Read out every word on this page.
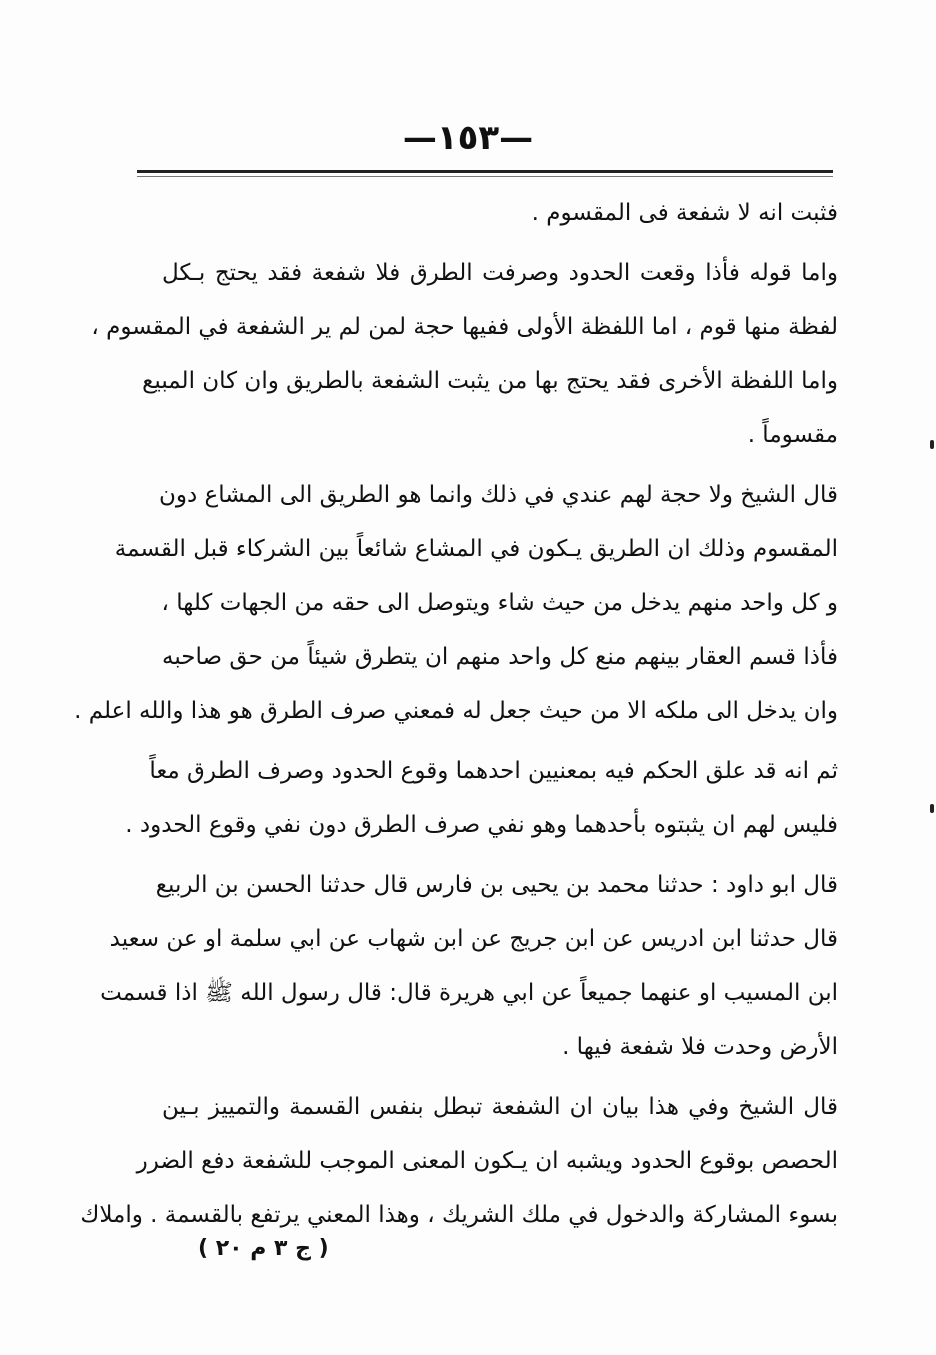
—١٥٣—

فثبت انه لا شفعة فى المقسوم .

واما قوله فأذا وقعت الحدود وصرفت الطرق فلا شفعة فقد يحتج بـكل
لفظة منها قوم ، اما اللفظة الأولى ففيها حجة لمن لم ير الشفعة في المقسوم ،
واما اللفظة الأخرى فقد يحتج بها من يثبت الشفعة بالطريق وان كان المبيع
مقسوماً .

قال الشيخ ولا حجة لهم عندي في ذلك وانما هو الطريق الى المشاع دون
المقسوم وذلك ان الطريق يـكون في المشاع شائعاً بين الشركاء قبل القسمة
و كل واحد منهم يدخل من حيث شاء ويتوصل الى حقه من الجهات كلها ،
فأذا قسم العقار بينهم منع كل واحد منهم ان يتطرق شيئاً من حق صاحبه
وان يدخل الى ملكه الا من حيث جعل له فمعني صرف الطرق هو هذا والله اعلم .

ثم انه قد علق الحكم فيه بمعنيين احدهما وقوع الحدود وصرف الطرق معاً
فليس لهم ان يثبتوه بأحدهما وهو نفي صرف الطرق دون نفي وقوع الحدود .

قال ابو داود : حدثنا محمد بن يحيى بن فارس قال حدثنا الحسن بن الربيع
قال حدثنا ابن ادريس عن ابن جريج عن ابن شهاب عن ابي سلمة او عن سعيد
ابن المسيب او عنهما جميعاً عن ابي هريرة قال: قال رسول الله ﷺ اذا قسمت
الأرض وحدت فلا شفعة فيها .

قال الشيخ وفي هذا بيان ان الشفعة تبطل بنفس القسمة والتمييز بـين
الحصص بوقوع الحدود ويشبه ان يـكون المعنى الموجب للشفعة دفع الضرر
بسوء المشاركة والدخول في ملك الشريك ، وهذا المعني يرتفع بالقسمة . واملاك

( ج ٣ م ٢٠ )
